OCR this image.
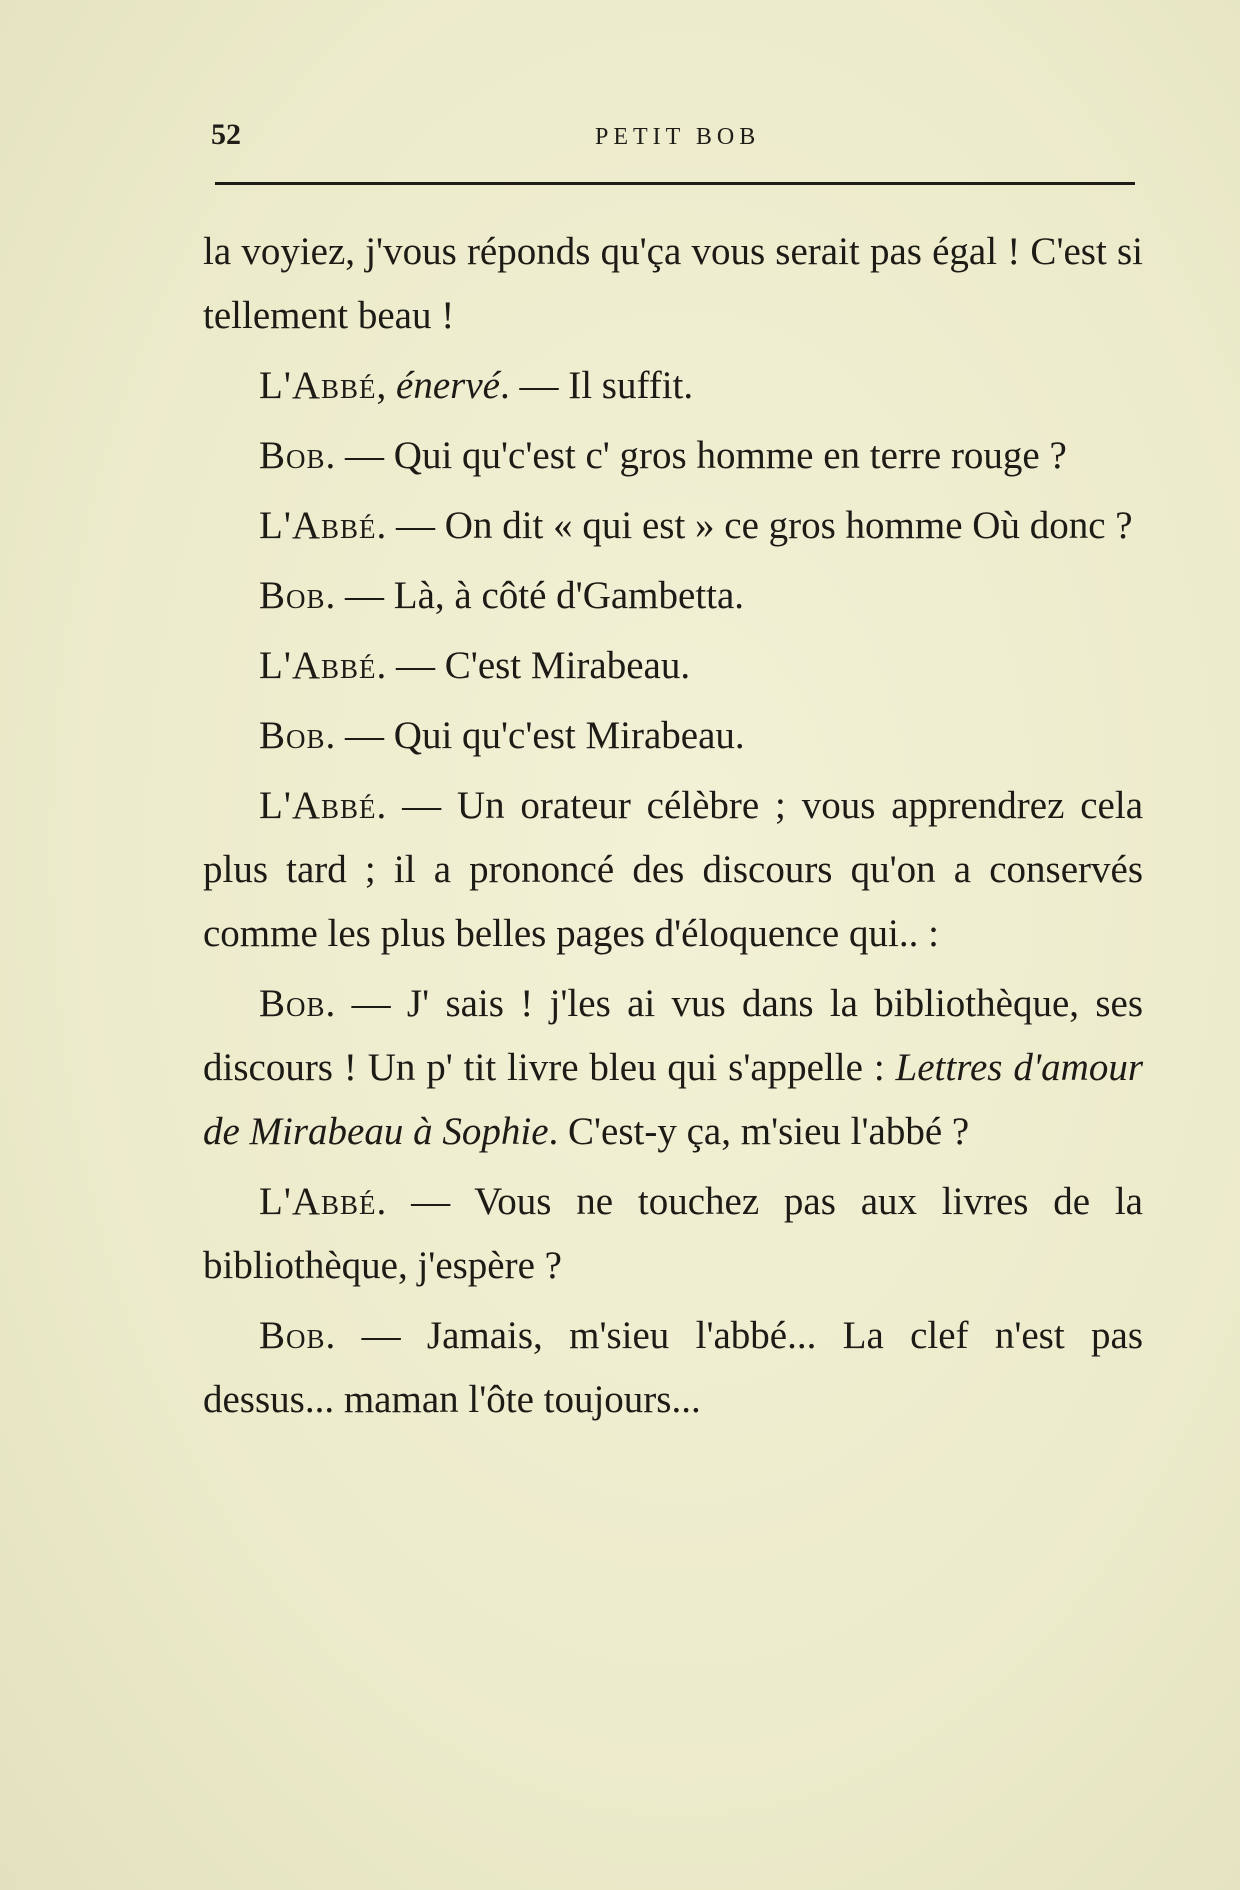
52	PETIT BOB

la voyiez, j'vous réponds qu'ça vous serait pas égal ! C'est si tellement beau !

L'Abbé, énervé. — Il suffit.

Bob. — Qui qu'c'est c' gros homme en terre rouge ?

L'Abbé. — On dit « qui est » ce gros homme Où donc ?

Bob. — Là, à côté d'Gambetta.

L'Abbé. — C'est Mirabeau.

Bob. — Qui qu'c'est Mirabeau.

L'Abbé. — Un orateur célèbre ; vous apprendrez cela plus tard ; il a prononcé des discours qu'on a conservés comme les plus belles pages d'éloquence qui.. :

Bob. — J' sais ! j'les ai vus dans la bibliothèque, ses discours ! Un p' tit livre bleu qui s'appelle : Lettres d'amour de Mirabeau à Sophie. C'est-y ça, m'sieu l'abbé ?

L'Abbé. — Vous ne touchez pas aux livres de la bibliothèque, j'espère ?

Bob. — Jamais, m'sieu l'abbé... La clef n'est pas dessus... maman l'ôte toujours...
